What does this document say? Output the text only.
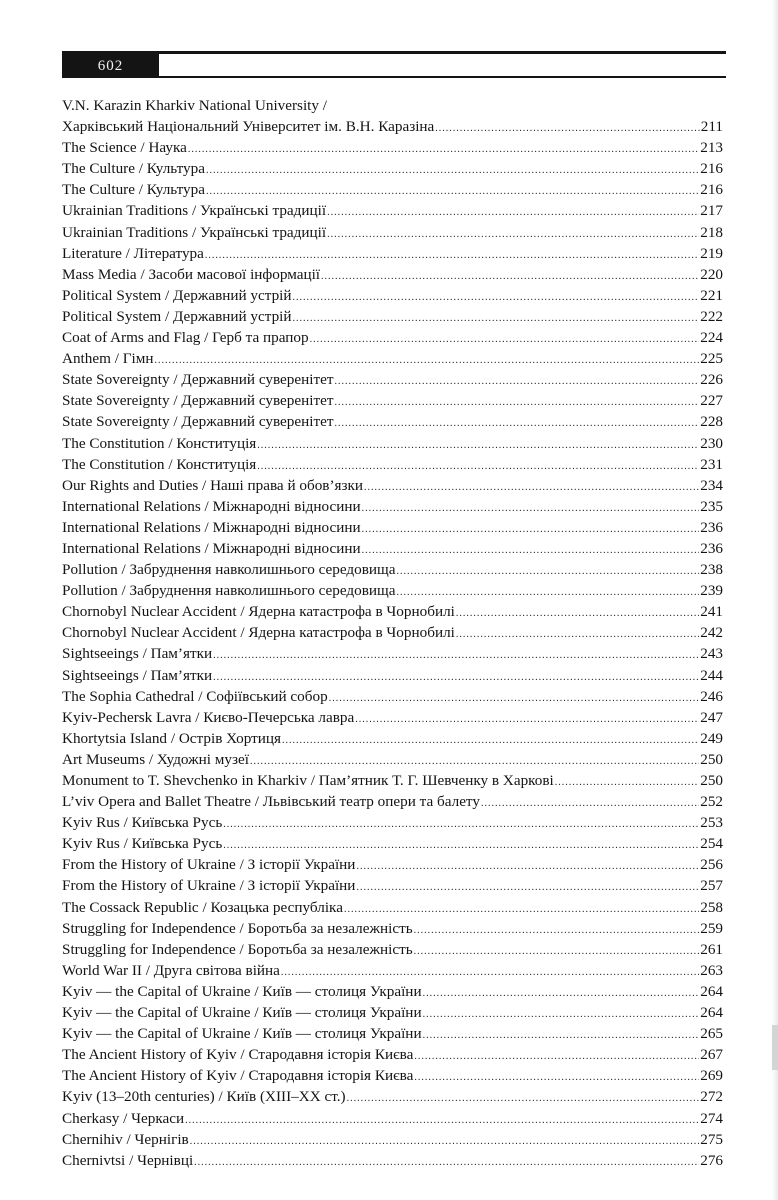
602
V.N. Karazin Kharkiv National University /
Харківський Національний Університет ім. В.Н. Каразіна .....	211
The Science / Наука .....	213
The Culture / Культура .....	216
The Culture / Культура .....	216
Ukrainian Traditions / Українські традиції .....	217
Ukrainian Traditions / Українські традиції .....	218
Literature / Література .....	219
Mass Media / Засоби масової інформації .....	220
Political System / Державний устрій .....	221
Political System / Державний устрій .....	222
Coat of Arms and Flag / Герб та прапор .....	224
Anthem / Гімн .....	225
State Sovereignty / Державний суверенітет .....	226
State Sovereignty / Державний суверенітет .....	227
State Sovereignty / Державний суверенітет .....	228
The Constitution / Конституція .....	230
The Constitution / Конституція .....	231
Our Rights and Duties / Наші права й обов’язки .....	234
International Relations / Міжнародні відносини .....	235
International Relations / Міжнародні відносини .....	236
International Relations / Міжнародні відносини .....	236
Pollution / Забруднення навколишнього середовища .....	238
Pollution / Забруднення навколишнього середовища .....	239
Chornobyl Nuclear Accident / Ядерна катастрофа в Чорнобилі .....	241
Chornobyl Nuclear Accident / Ядерна катастрофа в Чорнобилі .....	242
Sightseeings / Пам’ятки .....	243
Sightseeings / Пам’ятки .....	244
The Sophia Cathedral / Софіївський собор .....	246
Kyiv-Pechersk Lavra / Києво-Печерська лавра .....	247
Khortytsia Island / Острів Хортиця .....	249
Art Museums / Художні музеї .....	250
Monument to T. Shevchenko in Kharkiv / Пам’ятник Т. Г. Шевченку в Харкові .....	250
L’viv Opera and Ballet Theatre / Львівський театр опери та балету .....	252
Kyiv Rus / Київська Русь .....	253
Kyiv Rus / Київська Русь .....	254
From the History of Ukraine / З історії України .....	256
From the History of Ukraine / З історії України .....	257
The Cossack Republic / Козацька республіка .....	258
Struggling for Independence / Боротьба за незалежність .....	259
Struggling for Independence / Боротьба за незалежність .....	261
World War II / Друга світова війна .....	263
Kyiv — the Capital of Ukraine / Київ — столиця України .....	264
Kyiv — the Capital of Ukraine / Київ — столиця України .....	264
Kyiv — the Capital of Ukraine / Київ — столиця України .....	265
The Ancient History of Kyiv / Стародавня історія Києва .....	267
The Ancient History of Kyiv / Стародавня історія Києва .....	269
Kyiv (13–20th centuries) / Київ (XIII–XX ст.) .....	272
Cherkasy / Черкаси .....	274
Chernihiv / Чернігів .....	275
Chernivtsi / Чернівці .....	276
